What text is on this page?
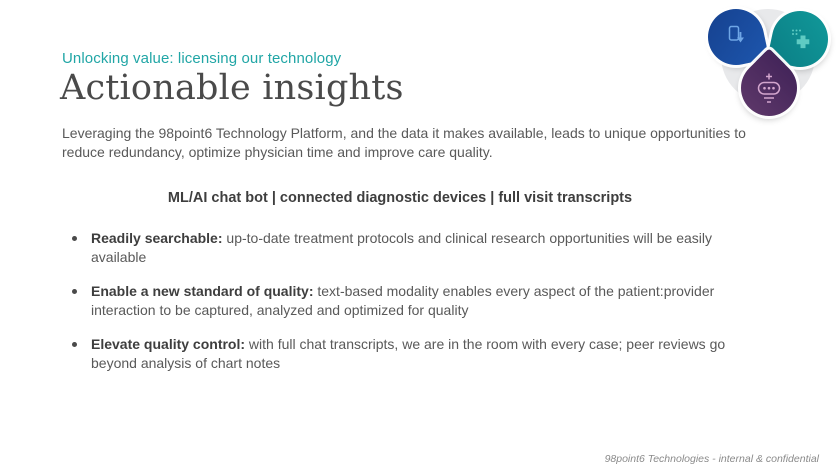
Unlocking value: licensing our technology
Actionable insights

Leveraging the 98point6 Technology Platform, and the data it makes available, leads to unique opportunities to reduce redundancy, optimize physician time and improve care quality.

ML/AI chat bot | connected diagnostic devices | full visit transcripts
Readily searchable: up-to-date treatment protocols and clinical research opportunities will be easily available
Enable a new standard of quality: text-based modality enables every aspect of the patient:provider interaction to be captured, analyzed and optimized for quality
Elevate quality control: with full chat transcripts, we are in the room with every case; peer reviews go beyond analysis of chart notes
98point6 Technologies - internal & confidential
